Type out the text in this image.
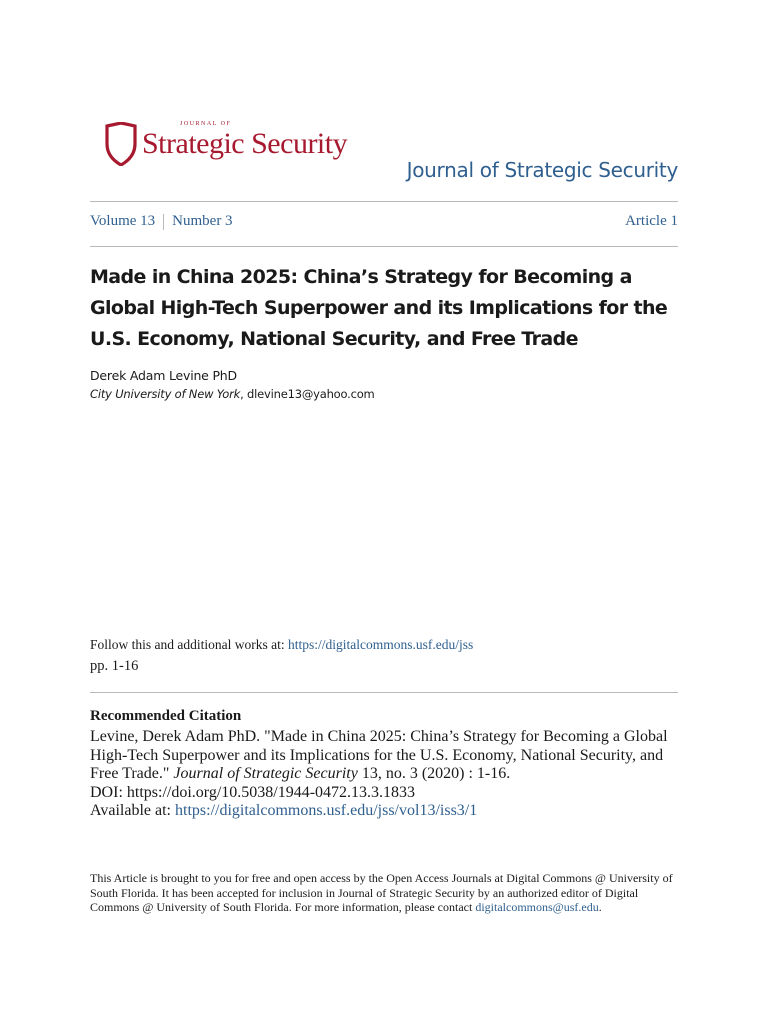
JOURNAL OF
Strategic Security
Journal of Strategic Security
Volume 13 Number 3	Article 1
Made in China 2025: China’s Strategy for Becoming a Global High-Tech Superpower and its Implications for the U.S. Economy, National Security, and Free Trade
Derek Adam Levine PhD
City University of New York, dlevine13@yahoo.com
Follow this and additional works at: https://digitalcommons.usf.edu/jss
pp. 1-16
Recommended Citation
Levine, Derek Adam PhD. "Made in China 2025: China’s Strategy for Becoming a Global High-Tech Superpower and its Implications for the U.S. Economy, National Security, and Free Trade." Journal of Strategic Security 13, no. 3 (2020) : 1-16.
DOI: https://doi.org/10.5038/1944-0472.13.3.1833
Available at: https://digitalcommons.usf.edu/jss/vol13/iss3/1
This Article is brought to you for free and open access by the Open Access Journals at Digital Commons @ University of South Florida. It has been accepted for inclusion in Journal of Strategic Security by an authorized editor of Digital Commons @ University of South Florida. For more information, please contact digitalcommons@usf.edu.
